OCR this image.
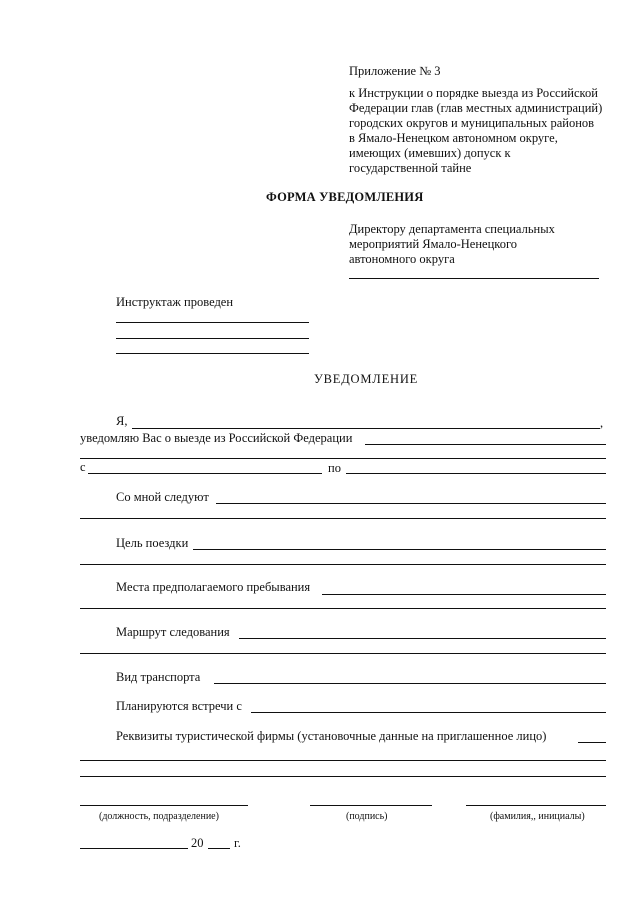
Приложение № 3
к Инструкции о порядке выезда из Российской
Федерации глав (глав местных администраций)
городских округов и муниципальных районов
в Ямало-Ненецком автономном округе,
имеющих (имевших) допуск к
государственной тайне
ФОРМА УВЕДОМЛЕНИЯ
Директору департамента специальных
мероприятий Ямало-Ненецкого
автономного округа
Инструктаж проведен
УВЕДОМЛЕНИЕ
Я,	,
уведомляю Вас о выезде из Российской Федерации
с	по
Со мной следуют
Цель поездки
Места предполагаемого пребывания
Маршрут следования
Вид транспорта
Планируются встречи с
Реквизиты туристической фирмы (установочные данные на приглашенное лицо)
(должность, подразделение)	(подпись)	(фамилия,, инициалы)
20 г.
